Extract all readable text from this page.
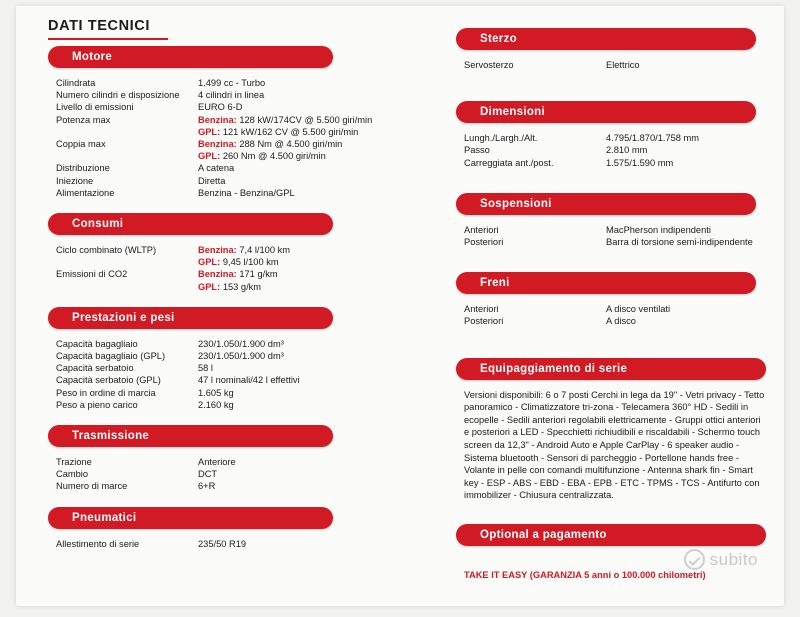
DATI TECNICI
Motore
Cilindrata	1.499 cc - Turbo
Numero cilindri e disposizione	4 cilindri in linea
Livello di emissioni	EURO 6-D
Potenza max	Benzina: 128 kW/174CV @ 5.500 giri/min
GPL: 121 kW/162 CV @ 5.500 giri/min
Coppia max	Benzina: 288 Nm @ 4.500 giri/min
GPL: 260 Nm @ 4.500 giri/min
Distribuzione	A catena
Iniezione	Diretta
Alimentazione	Benzina - Benzina/GPL
Consumi
Ciclo combinato (WLTP)	Benzina: 7,4 l/100 km
GPL: 9,45 l/100 km
Emissioni di CO2	Benzina: 171 g/km
GPL: 153 g/km
Prestazioni e pesi
Capacità bagagliaio	230/1.050/1.900 dm³
Capacità bagagliaio (GPL)	230/1.050/1.900 dm³
Capacità serbatoio	58 l
Capacità serbatoio (GPL)	47 l nominali/42 l effettivi
Peso in ordine di marcia	1.605 kg
Peso a pieno carico	2.160 kg
Trasmissione
Trazione	Anteriore
Cambio	DCT
Numero di marce	6+R
Pneumatici
Allestimento di serie	235/50 R19
Sterzo
Servosterzo	Elettrico
Dimensioni
Lungh./Largh./Alt.	4.795/1.870/1.758 mm
Passo	2.810 mm
Carreggiata ant./post.	1.575/1.590 mm
Sospensioni
Anteriori	MacPherson indipendenti
Posteriori	Barra di torsione semi-indipendente
Freni
Anteriori	A disco ventilati
Posteriori	A disco
Equipaggiamento di serie
Versioni disponibili: 6 o 7 posti Cerchi in lega da 19" - Vetri privacy - Tetto panoramico - Climatizzatore tri-zona - Telecamera 360° HD - Sedili in ecopelle - Sedili anteriori regolabili elettricamente - Gruppi ottici anteriori e posteriori a LED - Specchietti richiudibili e riscaldabili - Schermo touch screen da 12,3" - Android Auto e Apple CarPlay - 6 speaker audio - Sistema bluetooth - Sensori di parcheggio - Portellone hands free - Volante in pelle con comandi multifunzione - Antenna shark fin - Smart key - ESP - ABS - EBD - EBA - EPB - ETC - TPMS - TCS - Antifurto con immobilizer - Chiusura centralizzata.
Optional a pagamento
TAKE IT EASY (GARANZIA 5 anni o 100.000 chilometri)
subito
